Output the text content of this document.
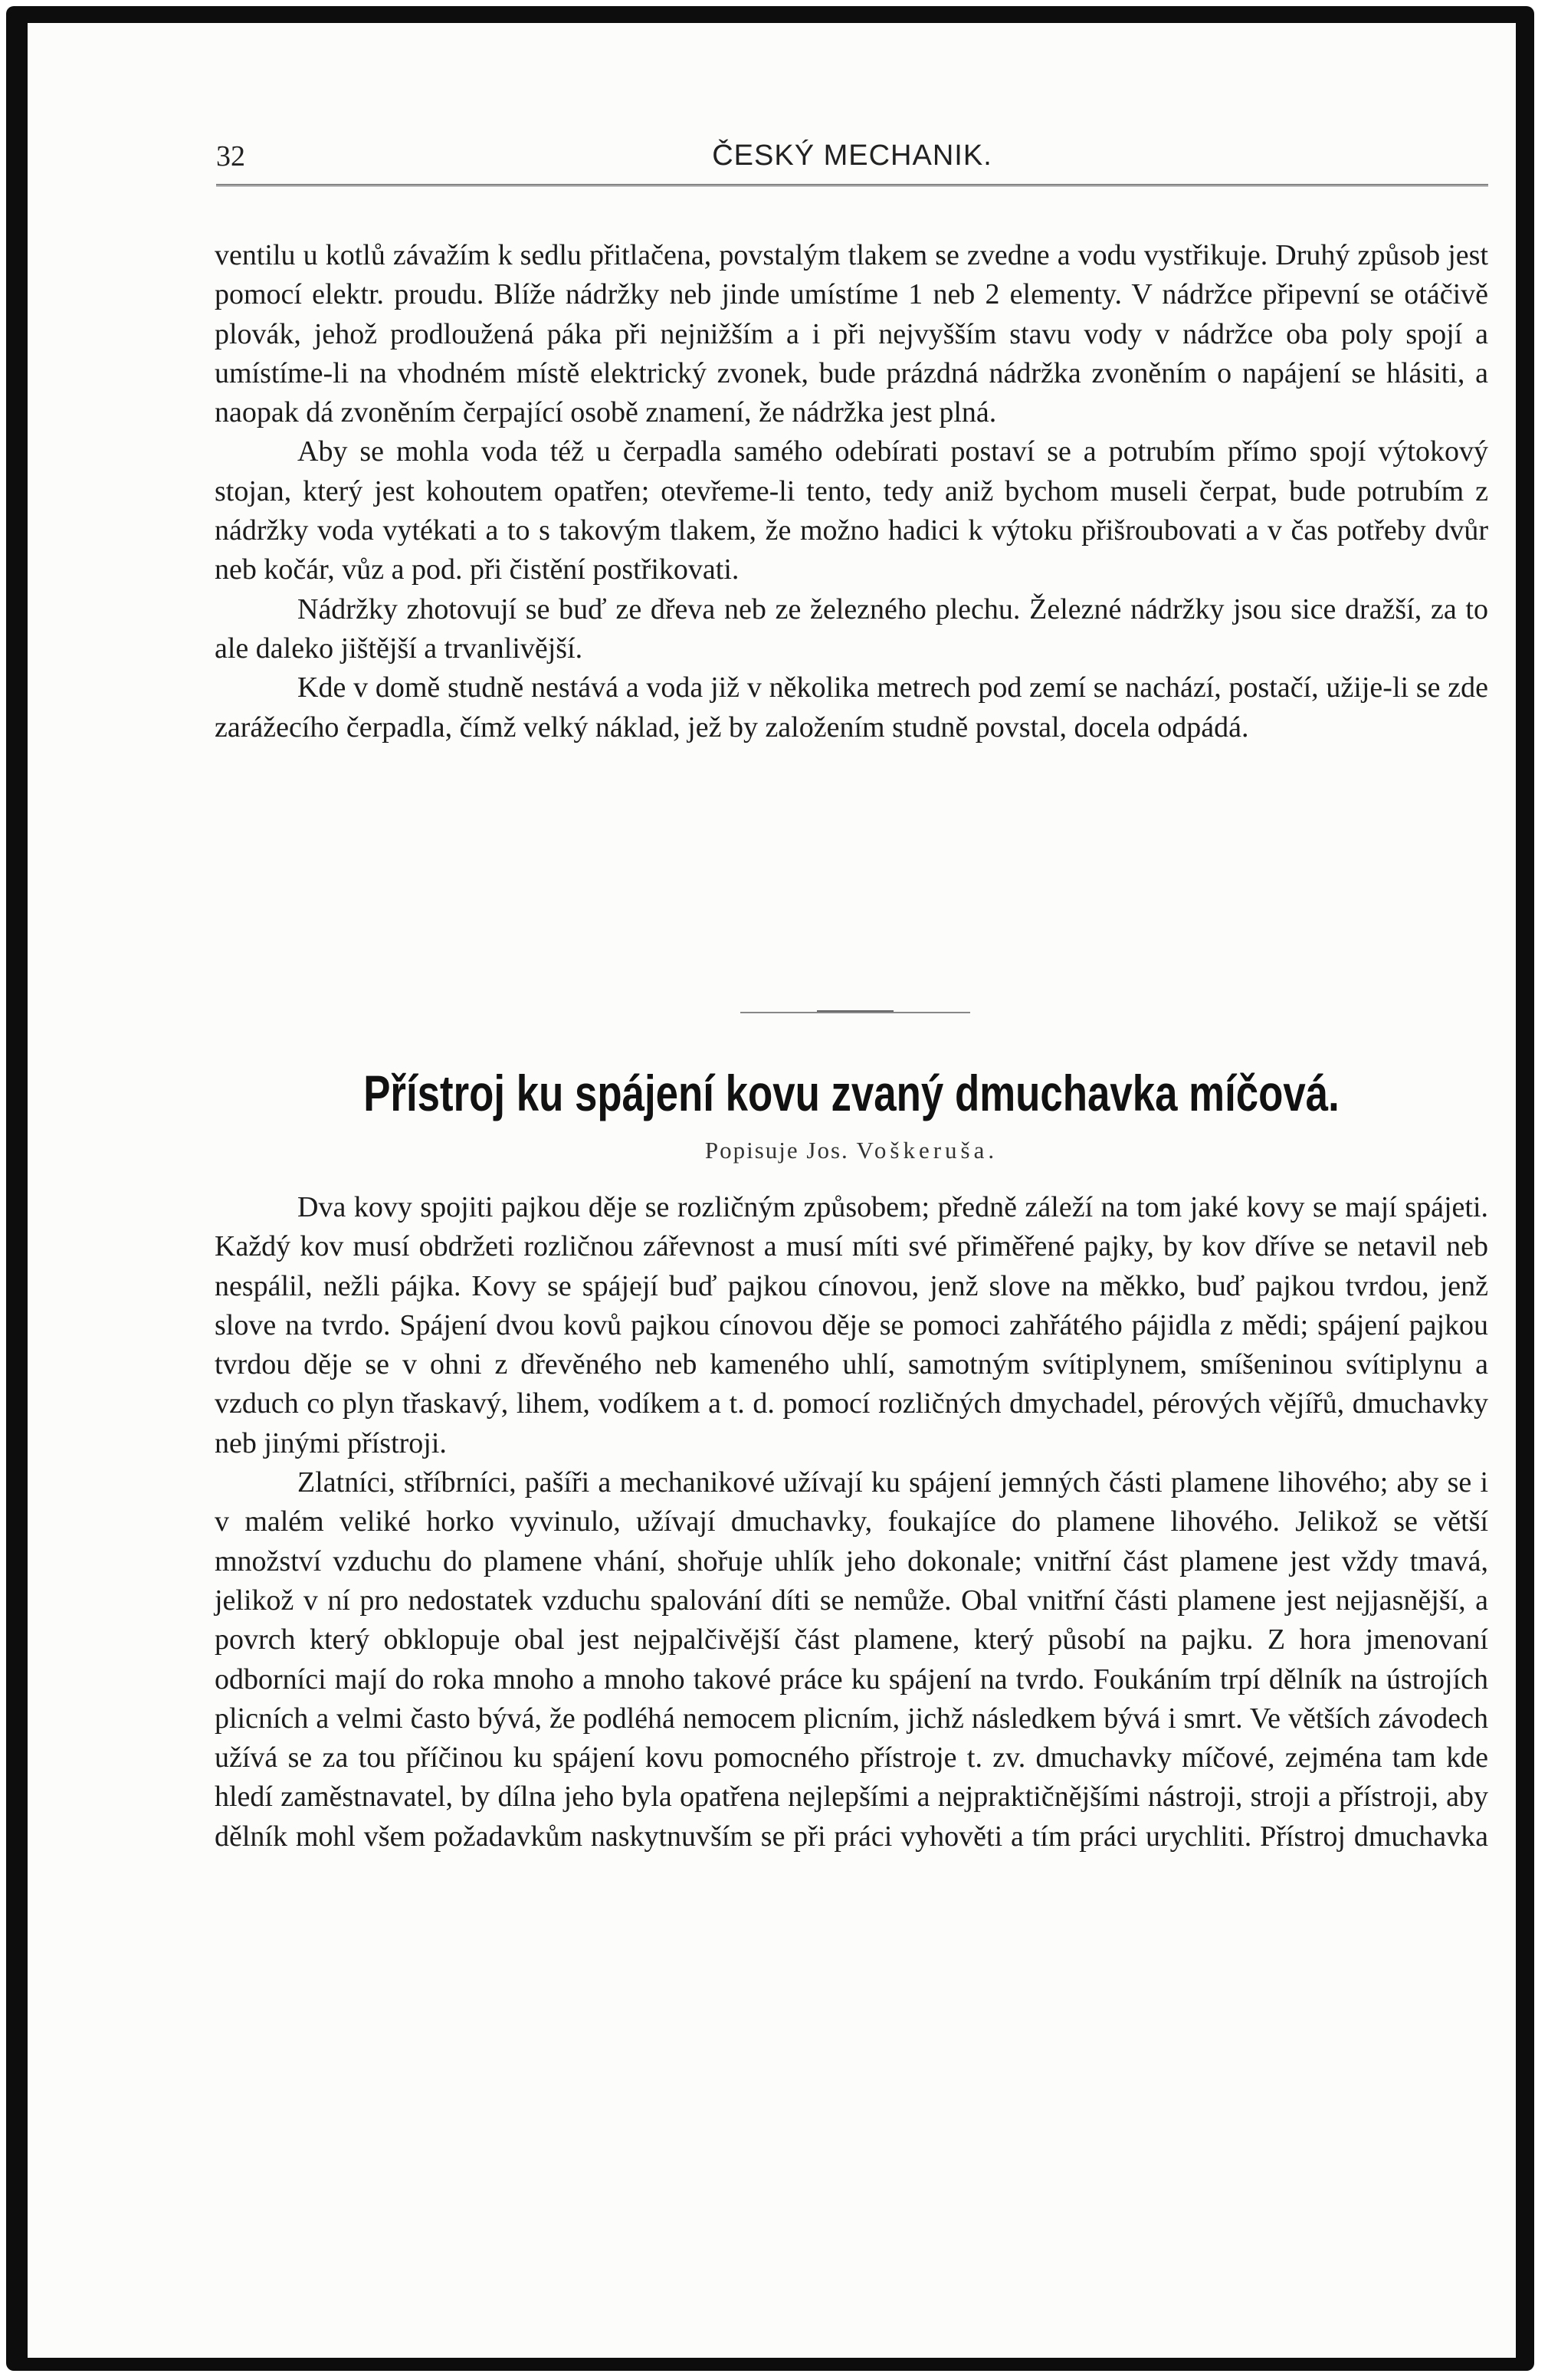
32	ČESKÝ MECHANIK.

ventilu u kotlů závažím k sedlu přitlačena, povstalým tlakem se zvedne a vodu vystřikuje. Druhý způsob jest pomocí elektr. proudu. Blíže nádržky neb jinde umístíme 1 neb 2 elementy. V nádržce připevní se otáčivě plovák, jehož prodloužená páka při nejnižším a i při nejvyšším stavu vody v nádržce oba poly spojí a umístíme-li na vhodném místě elektrický zvonek, bude prázdná nádržka zvoněním o napájení se hlásiti, a naopak dá zvoněním čerpající osobě znamení, že nádržka jest plná.

Aby se mohla voda též u čerpadla samého odebírati postaví se a potrubím přímo spojí výtokový stojan, který jest kohoutem opatřen; otevřeme-li tento, tedy aniž bychom museli čerpat, bude potrubím z nádržky voda vytékati a to s takovým tlakem, že možno hadici k výtoku přišroubovati a v čas potřeby dvůr neb kočár, vůz a pod. při čistění postřikovati.

Nádržky zhotovují se buď ze dřeva neb ze železného plechu. Železné nádržky jsou sice dražší, za to ale daleko jištější a trvanlivější.

Kde v domě studně nestává a voda již v několika metrech pod zemí se nachází, postačí, užije-li se zde zarážecího čerpadla, čímž velký náklad, jež by založením studně povstal, docela odpádá.

Přístroj ku spájení kovu zvaný dmuchavka míčová.
Popisuje Jos. Voškeruša.

Dva kovy spojiti pajkou děje se rozličným způsobem; předně záleží na tom jaké kovy se mají spájeti. Každý kov musí obdržeti rozličnou zářevnost a musí míti své přiměřené pajky, by kov dříve se netavil neb nespálil, nežli pájka. Kovy se spájejí buď pajkou cínovou, jenž slove na měkko, buď pajkou tvrdou, jenž slove na tvrdo. Spájení dvou kovů pajkou cínovou děje se pomoci zahřátého pájidla z mědi; spájení pajkou tvrdou děje se v ohni z dřevěného neb kameného uhlí, samotným svítiplynem, smíšeninou svítiplynu a vzduch co plyn třaskavý, lihem, vodíkem a t. d. pomocí rozličných dmychadel, pérových vějířů, dmuchavky neb jinými přístroji.

Zlatníci, stříbrníci, pašíři a mechanikové užívají ku spájení jemných části plamene lihového; aby se i v malém veliké horko vyvinulo, užívají dmuchavky, foukajíce do plamene lihového. Jelikož se větší množství vzduchu do plamene vhání, shořuje uhlík jeho dokonale; vnitřní část plamene jest vždy tmavá, jelikož v ní pro nedostatek vzduchu spalování díti se nemůže. Obal vnitřní části plamene jest nejjasnější, a povrch který obklopuje obal jest nejpalčivější část plamene, který působí na pajku. Z hora jmenovaní odborníci mají do roka mnoho a mnoho takové práce ku spájení na tvrdo. Foukáním trpí dělník na ústrojích plicních a velmi často bývá, že podléhá nemocem plicním, jichž následkem bývá i smrt. Ve větších závodech užívá se za tou příčinou ku spájení kovu pomocného přístroje t. zv. dmuchavky míčové, zejména tam kde hledí zaměstnavatel, by dílna jeho byla opatřena nejlepšími a nejpraktičnějšími nástroji, stroji a přístroji, aby dělník mohl všem požadavkům naskytnuvším se při práci vyhověti a tím práci urychliti. Přístroj dmuchavka
